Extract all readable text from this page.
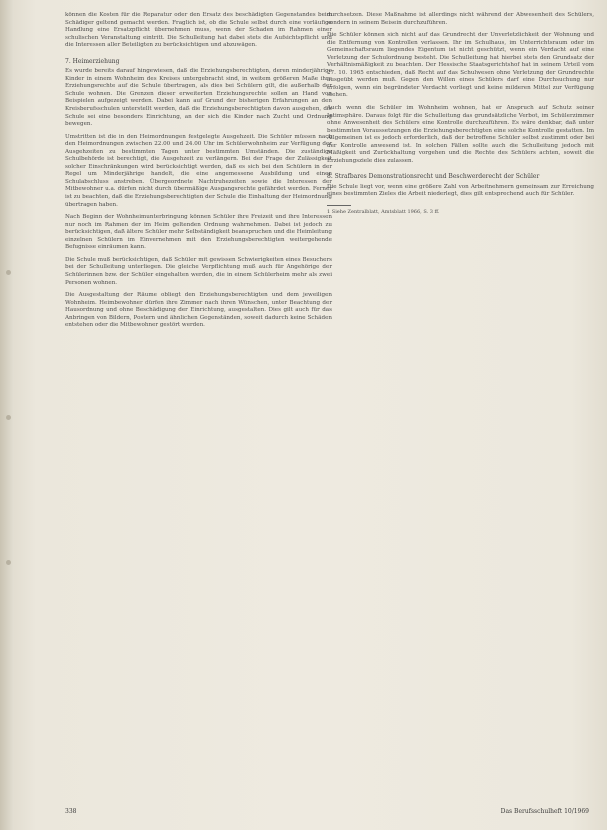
können die Kosten für die Reparatur oder den Ersatz des beschädigten Gegenstandes beim Schädiger geltend gemacht werden. Fraglich ist, ob die Schule selbst durch eine vorläufige Handlung eine Ersatzpflicht übernehmen muss, wenn der Schaden im Rahmen einer schulischen Veranstaltung eintritt. Die Schulleitung hat dabei stets die Aufsichtspflicht und die Interessen aller Beteiligten zu berücksichtigen und abzuwägen.

7. Heimerziehung

Es wurde bereits darauf hingewiesen, daß die Erziehungsberechtigten, deren minderjährige Kinder in einem Wohnheim des Kreises untergebracht sind, in weitem größeren Maße ihre Erziehungsrechte auf die Schule übertragen, als dies bei Schülern gilt, die außerhalb der Schule wohnen. Die Grenzen dieser erweiterten Erziehungsrechte sollen an Hand von Beispielen aufgezeigt werden. Dabei kann auf Grund der bisherigen Erfahrungen an den Kreisberufsschulen unterstellt werden, daß die Erziehungsberechtigten davon ausgehen, die Schule sei eine besonders Einrichtung, an der sich die Kinder nach Zucht und Ordnung bewegen.

Umstritten ist die in den Heimordnungen festgelegte Ausgehzeit. Die Schüler müssen nach den Heimordnungen zwischen 22.00 und 24.00 Uhr im Schülerwohnheim zur Verfügung der Ausgehzeiten zu bestimmten Tagen unter bestimmten Umständen. Die zuständige Schulbehörde ist berechtigt, die Ausgehzeit zu verlängern. Bei der Frage der Zulässigkeit solcher Einschränkungen wird berücksichtigt werden, daß es sich bei den Schülern in der Regel um Minderjährige handelt, die eine angemessene Ausbildung und einen Schulabschluss anstreben. Übergeordnete Nachtruhezeiten sowie die Interessen der Mitbewohner u.a. dürfen nicht durch übermäßige Ausgangsrechte gefährdet werden. Ferner ist zu beachten, daß die Erziehungsberechtigten der Schule die Einhaltung der Heimordnung übertragen haben.

Nach Beginn der Wohnheimunterbringung können Schüler ihre Freizeit und ihre Interessen nur noch im Rahmen der im Heim geltenden Ordnung wahrnehmen. Dabei ist jedoch zu berücksichtigen, daß ältere Schüler mehr Selbständigkeit beanspruchen und die Heimleitung einzelnen Schülern im Einvernehmen mit den Erziehungsberechtigten weitergehende Befugnisse einräumen kann.

Die Schule muß berücksichtigen, daß Schüler mit gewissen Schwierigkeiten eines Besuchers bei der Schulleitung unterliegen. Die gleiche Verpflichtung muß auch für Angehörige der Schülerinnen bzw. der Schüler eingehalten werden, die in einem Schülerheim mehr als zwei Personen wohnen.

Die Ausgestaltung der Räume obliegt den Erziehungsberechtigten und dem jeweiligen Wohnheim. Heimbewohner dürfen ihre Zimmer nach ihren Wünschen, unter Beachtung der Hausordnung und ohne Beschädigung der Einrichtung, ausgestalten. Dies gilt auch für das Anbringen von Bildern, Postern und ähnlichen Gegenständen, soweit dadurch keine Schäden entstehen oder die Mitbewohner gestört werden.

durchsetzen. Diese Maßnahme ist allerdings nicht während der Abwesenheit des Schülers, sondern in seinem Beisein durchzuführen.

Die Schüler können sich nicht auf das Grundrecht der Unverletzlichkeit der Wohnung und die Entfernung von Kontrollen verlassen. Ihr im Schulhaus, im Unterrichtsraum oder im Gemeinschaftsraum liegendes Eigentum ist nicht geschützt, wenn ein Verdacht auf eine Verletzung der Schulordnung besteht. Die Schulleitung hat hierbei stets den Grundsatz der Verhältnismäßigkeit zu beachten. Der Hessische Staatsgerichtshof hat in seinem Urteil vom 27. 10. 1965 entschieden, daß Recht auf das Schulwesen ohne Verletzung der Grundrechte ausgeübt werden muß. Gegen den Willen eines Schülers darf eine Durchsuchung nur erfolgen, wenn ein begründeter Verdacht vorliegt und keine milderen Mittel zur Verfügung stehen.

Auch wenn die Schüler im Wohnheim wohnen, hat er Anspruch auf Schutz seiner Intimsphäre. Daraus folgt für die Schulleitung das grundsätzliche Verbot, im Schülerzimmer ohne Anwesenheit des Schülers eine Kontrolle durchzuführen. Es wäre denkbar, daß unter bestimmten Voraussetzungen die Erziehungsberechtigten eine solche Kontrolle gestatten. Im Allgemeinen ist es jedoch erforderlich, daß der betroffene Schüler selbst zustimmt oder bei der Kontrolle anwesend ist. In solchen Fällen sollte auch die Schulleitung jedoch mit Mäßigkeit und Zurückhaltung vorgehen und die Rechte des Schülers achten, soweit die Erziehungsziele dies zulassen.

8. Strafbares Demonstrationsrecht und Beschwerderecht der Schüler

Die Schule liegt vor, wenn eine größere Zahl von Arbeitnehmern gemeinsam zur Erreichung eines bestimmten Zieles die Arbeit niederlegt, dies gilt entsprechend auch für Schüler.

1 Siehe Zentralblatt, Amtsblatt 1966, S. 3 ff.

338	Das Berufsschulheft 10/1969
